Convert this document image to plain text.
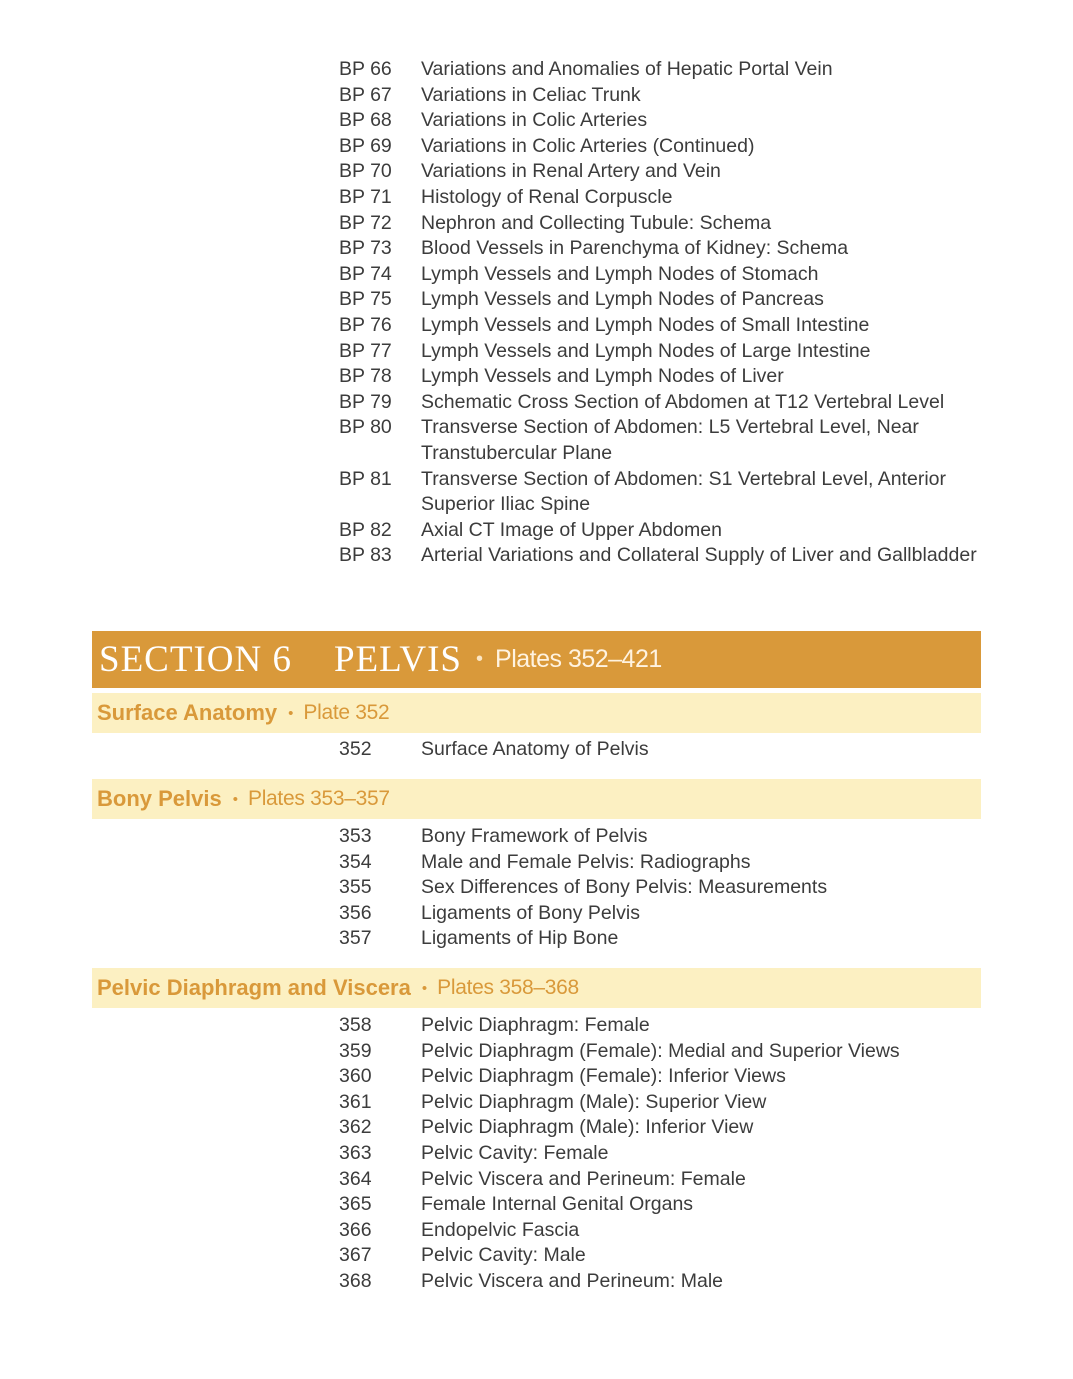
BP 66	Variations and Anomalies of Hepatic Portal Vein
BP 67	Variations in Celiac Trunk
BP 68	Variations in Colic Arteries
BP 69	Variations in Colic Arteries (Continued)
BP 70	Variations in Renal Artery and Vein
BP 71	Histology of Renal Corpuscle
BP 72	Nephron and Collecting Tubule: Schema
BP 73	Blood Vessels in Parenchyma of Kidney: Schema
BP 74	Lymph Vessels and Lymph Nodes of Stomach
BP 75	Lymph Vessels and Lymph Nodes of Pancreas
BP 76	Lymph Vessels and Lymph Nodes of Small Intestine
BP 77	Lymph Vessels and Lymph Nodes of Large Intestine
BP 78	Lymph Vessels and Lymph Nodes of Liver
BP 79	Schematic Cross Section of Abdomen at T12 Vertebral Level
BP 80	Transverse Section of Abdomen: L5 Vertebral Level, Near Transtubercular Plane
BP 81	Transverse Section of Abdomen: S1 Vertebral Level, Anterior Superior Iliac Spine
BP 82	Axial CT Image of Upper Abdomen
BP 83	Arterial Variations and Collateral Supply of Liver and Gallbladder
SECTION 6 PELVIS • Plates 352–421
Surface Anatomy • Plate 352
352	Surface Anatomy of Pelvis
Bony Pelvis • Plates 353–357
353	Bony Framework of Pelvis
354	Male and Female Pelvis: Radiographs
355	Sex Differences of Bony Pelvis: Measurements
356	Ligaments of Bony Pelvis
357	Ligaments of Hip Bone
Pelvic Diaphragm and Viscera • Plates 358–368
358	Pelvic Diaphragm: Female
359	Pelvic Diaphragm (Female): Medial and Superior Views
360	Pelvic Diaphragm (Female): Inferior Views
361	Pelvic Diaphragm (Male): Superior View
362	Pelvic Diaphragm (Male): Inferior View
363	Pelvic Cavity: Female
364	Pelvic Viscera and Perineum: Female
365	Female Internal Genital Organs
366	Endopelvic Fascia
367	Pelvic Cavity: Male
368	Pelvic Viscera and Perineum: Male
